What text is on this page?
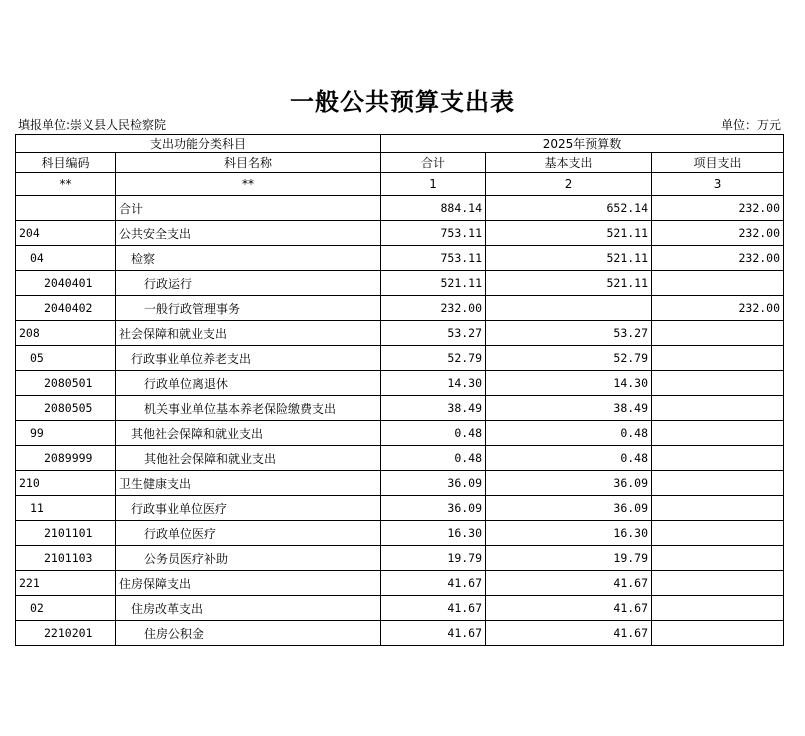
一般公共预算支出表
填报单位:崇义县人民检察院	单位：万元
支出功能分类科目		2025年预算数		
科目编码	科目名称	合计	基本支出	项目支出
**	**	1	2	3
	合计	884.14	652.14	232.00
204	公共安全支出	753.11	521.11	232.00
04	检察	753.11	521.11	232.00
2040401	行政运行	521.11	521.11	
2040402	一般行政管理事务	232.00		232.00
208	社会保障和就业支出	53.27	53.27	
05	行政事业单位养老支出	52.79	52.79	
2080501	行政单位离退休	14.30	14.30	
2080505	机关事业单位基本养老保险缴费支出	38.49	38.49	
99	其他社会保障和就业支出	0.48	0.48	
2089999	其他社会保障和就业支出	0.48	0.48	
210	卫生健康支出	36.09	36.09	
11	行政事业单位医疗	36.09	36.09	
2101101	行政单位医疗	16.30	16.30	
2101103	公务员医疗补助	19.79	19.79	
221	住房保障支出	41.67	41.67	
02	住房改革支出	41.67	41.67	
2210201	住房公积金	41.67	41.67	
